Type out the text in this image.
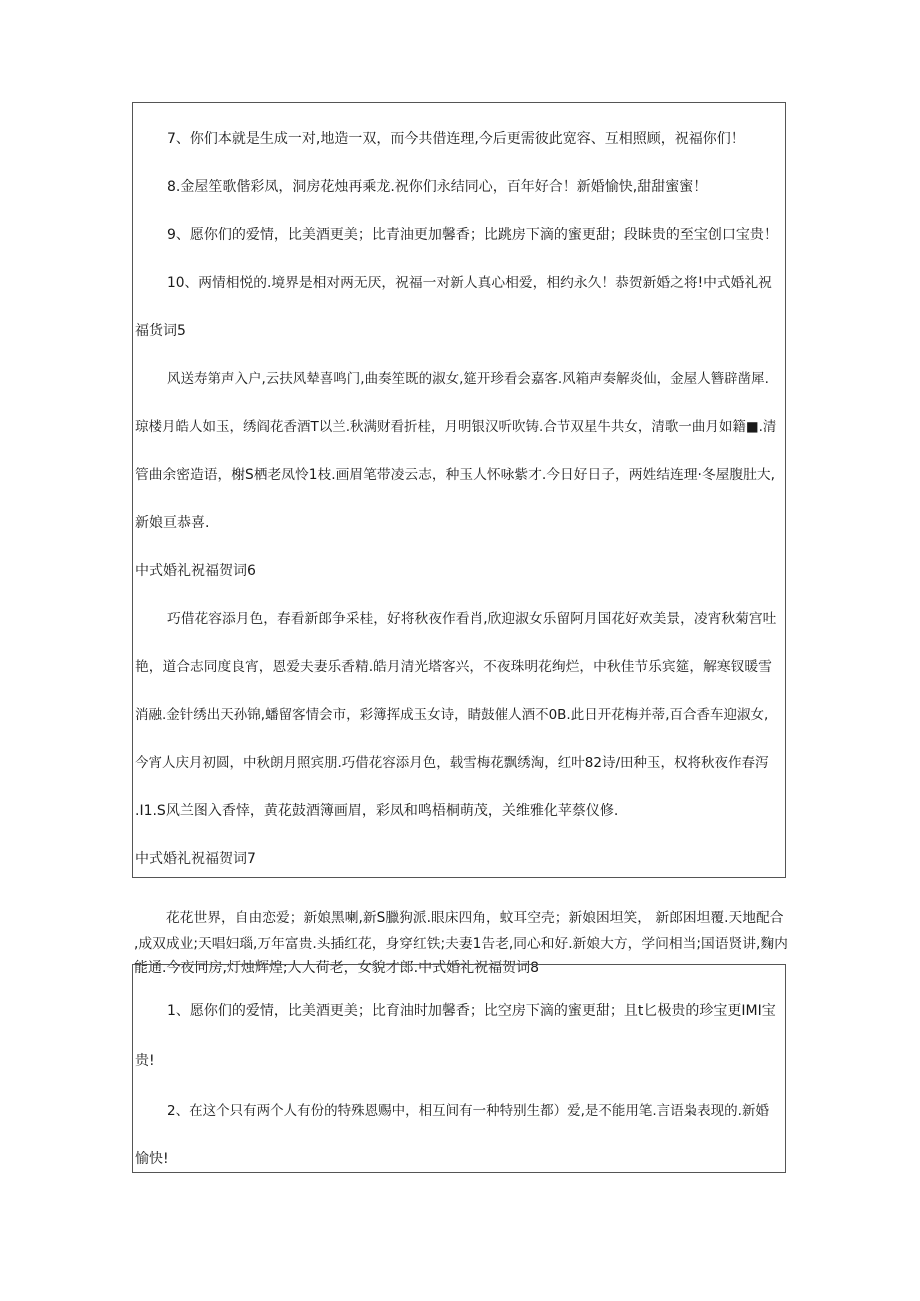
7、你们本就是生成一对,地造一双，而今共借连理,今后更需彼此宽容、互相照顾，祝福你们！
8.金屋笙歌偕彩凤，洞房花烛再乘龙.祝你们永结同心，百年好合！新婚愉快,甜甜蜜蜜！
9、愿你们的爱情，比美酒更美；比青油更加馨香；比跳房下滴的蜜更甜；段眛贵的至宝创口宝贵！
10、两情相悦的.境界是相对两无厌，祝福一对新人真心相爱，相约永久！恭贺新婚之将!中式婚礼祝
福货词5
风送寿第声入户,云扶风辇喜鸣门,曲奏笙既的淑女,筵开珍看会嘉客.风箱声奏解炎仙，金屋人簪辟凿犀.
琼楼月皓人如玉，绣阎花香酒T以兰.秋满财看折桂，月明银汉听吹铸.合节双星牛共女，清歌一曲月如籍■.清
管曲余密造语，榭S栖老凤怜1枝.画眉笔带凌云志，种玉人怀咏紫才.今日好日子，两姓结连理·冬屋腹肚大,
新娘亘恭喜.
中式婚礼祝福贺词6
巧借花容添月色，春看新郎争采桂，好将秋夜作看肖,欣迎淑女乐留阿月国花好欢美景，凌宵秋菊宫吐
艳，道合志同度良宵，恩爱夫妻乐香精.皓月清光塔客兴，不夜珠明花绚烂，中秋佳节乐宾筵，解寒钗暖雪
消融.金针绣出天孙锦,蟠留客情会市，彩簿挥成玉女诗，睛鼓催人酒不0B.此日开花梅并蒂,百合香车迎淑女,
今宵人庆月初圆，中秋朗月照宾朋.巧借花容添月色，载雪梅花飘绣淘，红叶82诗/田种玉，权将秋夜作春泻
.I1.S风兰图入香悻，黄花鼓酒簿画眉，彩凤和鸣梧桐萌茂，关维雅化苹蔡仪修.
中式婚礼祝福贺词7
花花世界，自由恋爱；新娘黑喇,新S臘狗派.眼床四角，蚊耳空壳；新娘困坦笑， 新郎困坦覆.天地配合
,成双成业;天唱妇瑙,万年富贵.头插红花，身穿红铁;夫妻1告老,同心和好.新娘大方，学问相当;国语贤讲,麴内
能通.今夜同房,灯烛辉煌;人人荷老，女貌才郎.中式婚礼祝福贺词8
1、愿你们的爱情，比美酒更美；比育油时加馨香；比空房下滴的蜜更甜；且t匕极贵的珍宝更IMI宝
贵!
2、在这个只有两个人有份的特殊恩赐中，相互间有一种特别生都）爱,是不能用笔.言语枭表现的.新婚
愉快!
